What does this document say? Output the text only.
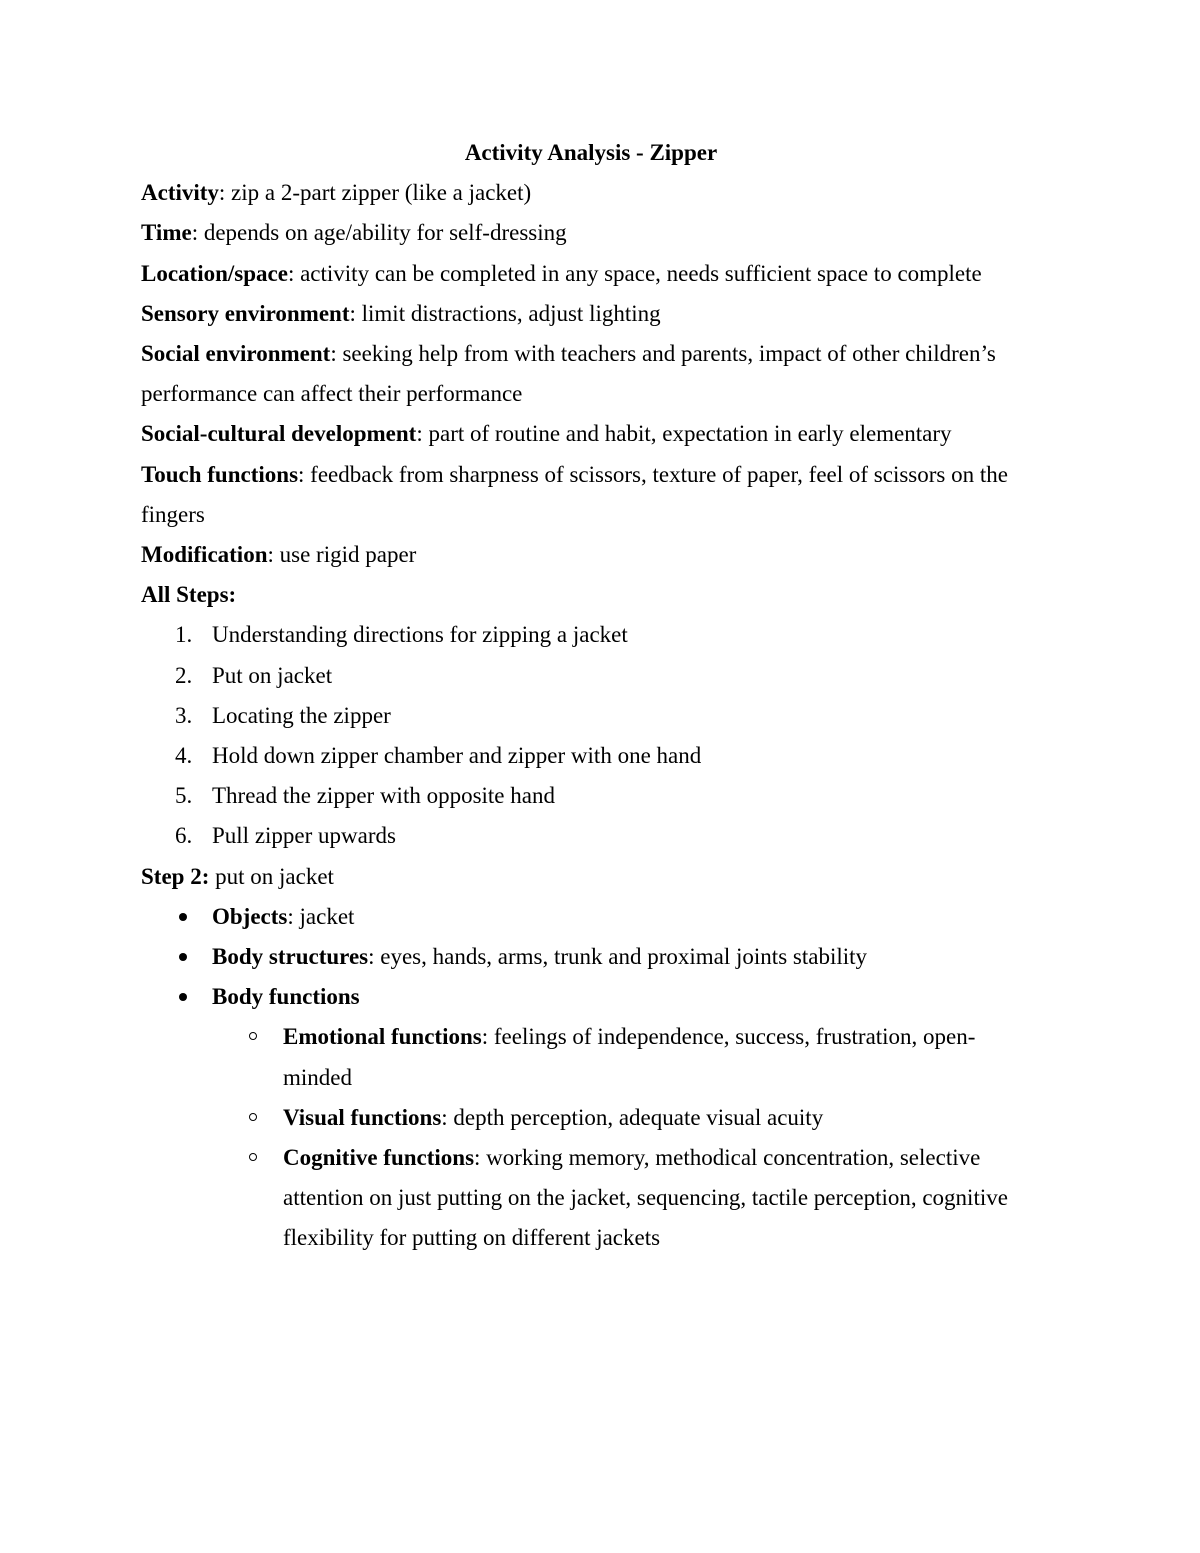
Activity Analysis - Zipper

Activity: zip a 2-part zipper (like a jacket)

Time: depends on age/ability for self-dressing

Location/space: activity can be completed in any space, needs sufficient space to complete

Sensory environment: limit distractions, adjust lighting

Social environment: seeking help from with teachers and parents, impact of other children’s performance can affect their performance

Social-cultural development: part of routine and habit, expectation in early elementary

Touch functions: feedback from sharpness of scissors, texture of paper, feel of scissors on the fingers

Modification: use rigid paper

All Steps:

1. Understanding directions for zipping a jacket
2. Put on jacket
3. Locating the zipper
4. Hold down zipper chamber and zipper with one hand
5. Thread the zipper with opposite hand
6. Pull zipper upwards

Step 2: put on jacket

Objects: jacket
Body structures: eyes, hands, arms, trunk and proximal joints stability
Body functions
Emotional functions: feelings of independence, success, frustration, open-minded
Visual functions: depth perception, adequate visual acuity
Cognitive functions: working memory, methodical concentration, selective attention on just putting on the jacket, sequencing, tactile perception, cognitive flexibility for putting on different jackets
